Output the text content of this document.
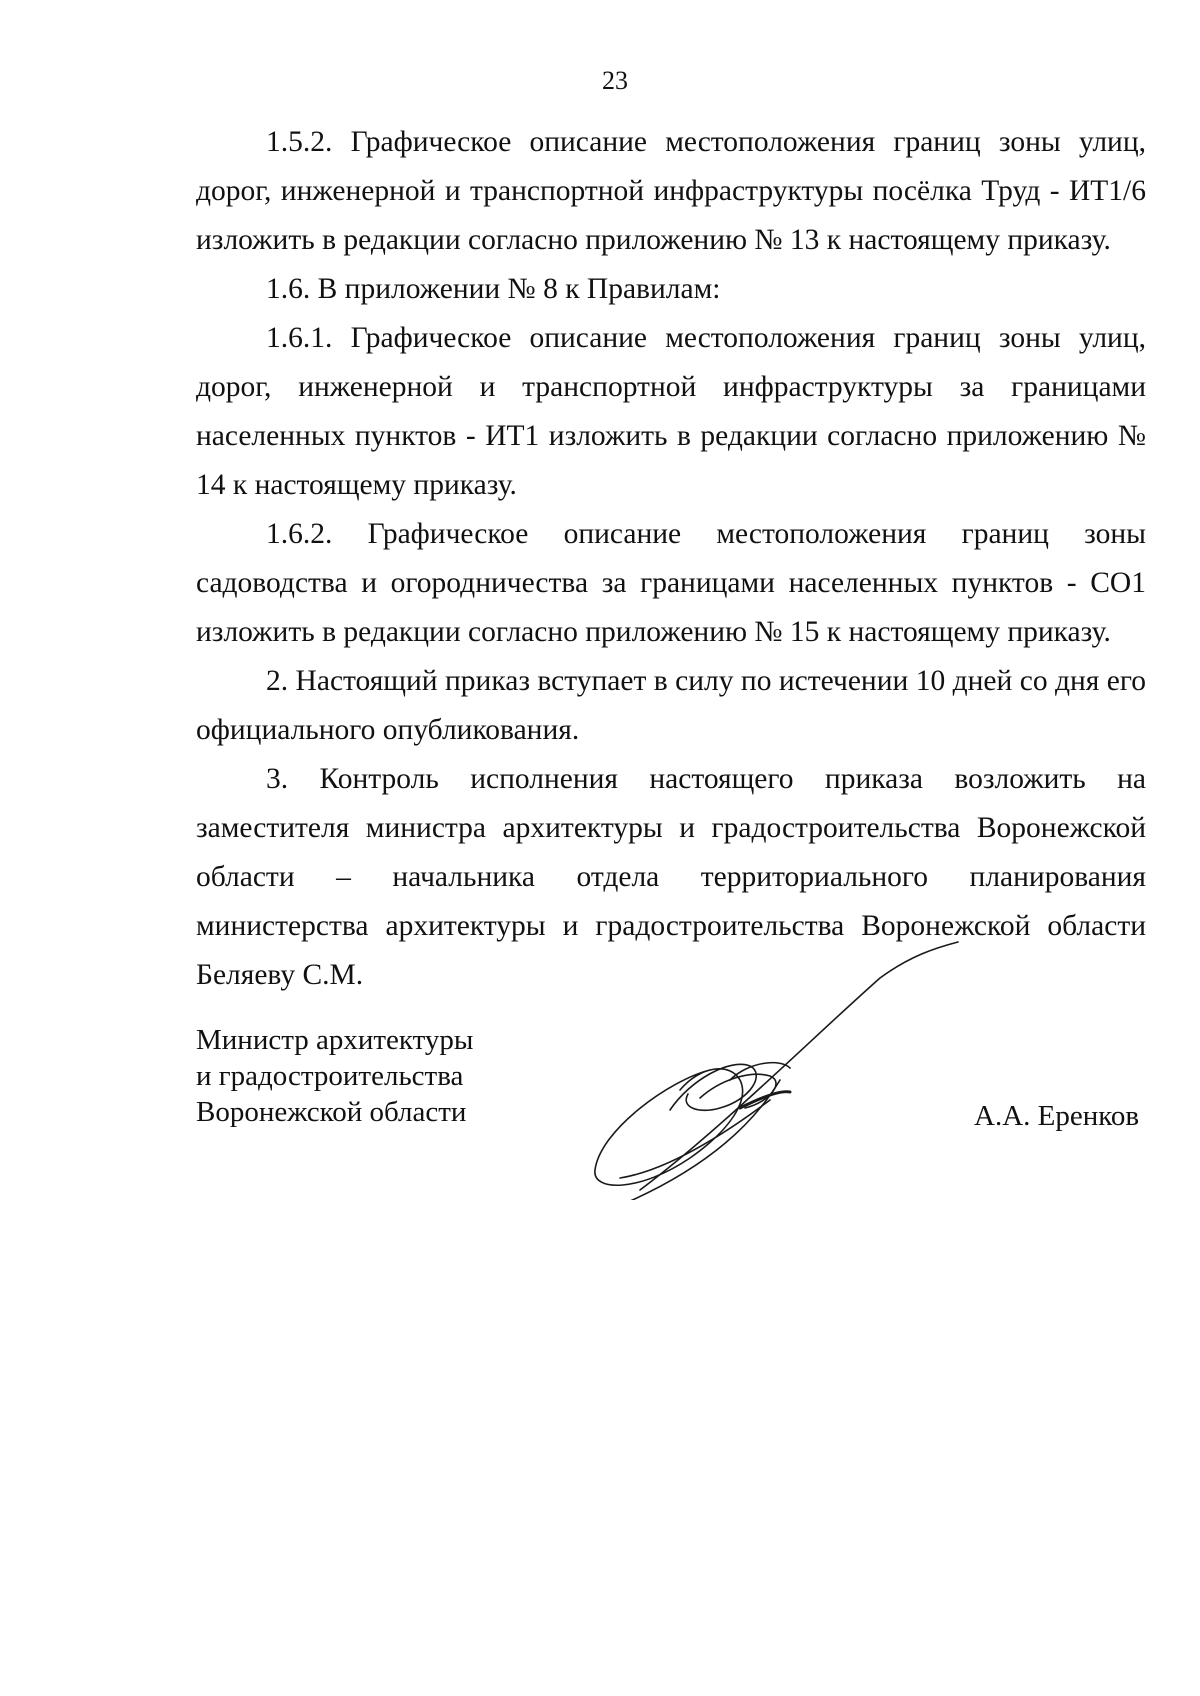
23

1.5.2. Графическое описание местоположения границ зоны улиц, дорог, инженерной и транспортной инфраструктуры посёлка Труд - ИТ1/6 изложить в редакции согласно приложению № 13 к настоящему приказу.

1.6. В приложении № 8 к Правилам:

1.6.1. Графическое описание местоположения границ зоны улиц, дорог, инженерной и транспортной инфраструктуры за границами населенных пунктов - ИТ1 изложить в редакции согласно приложению № 14 к настоящему приказу.

1.6.2. Графическое описание местоположения границ зоны садоводства и огородничества за границами населенных пунктов - СО1 изложить в редакции согласно приложению № 15 к настоящему приказу.

2. Настоящий приказ вступает в силу по истечении 10 дней со дня его официального опубликования.

3. Контроль исполнения настоящего приказа возложить на заместителя министра архитектуры и градостроительства Воронежской области – начальника отдела территориального планирования министерства архитектуры и градостроительства Воронежской области Беляеву С.М.

Министр архитектуры
и градостроительства
Воронежской области	А.А. Еренков
